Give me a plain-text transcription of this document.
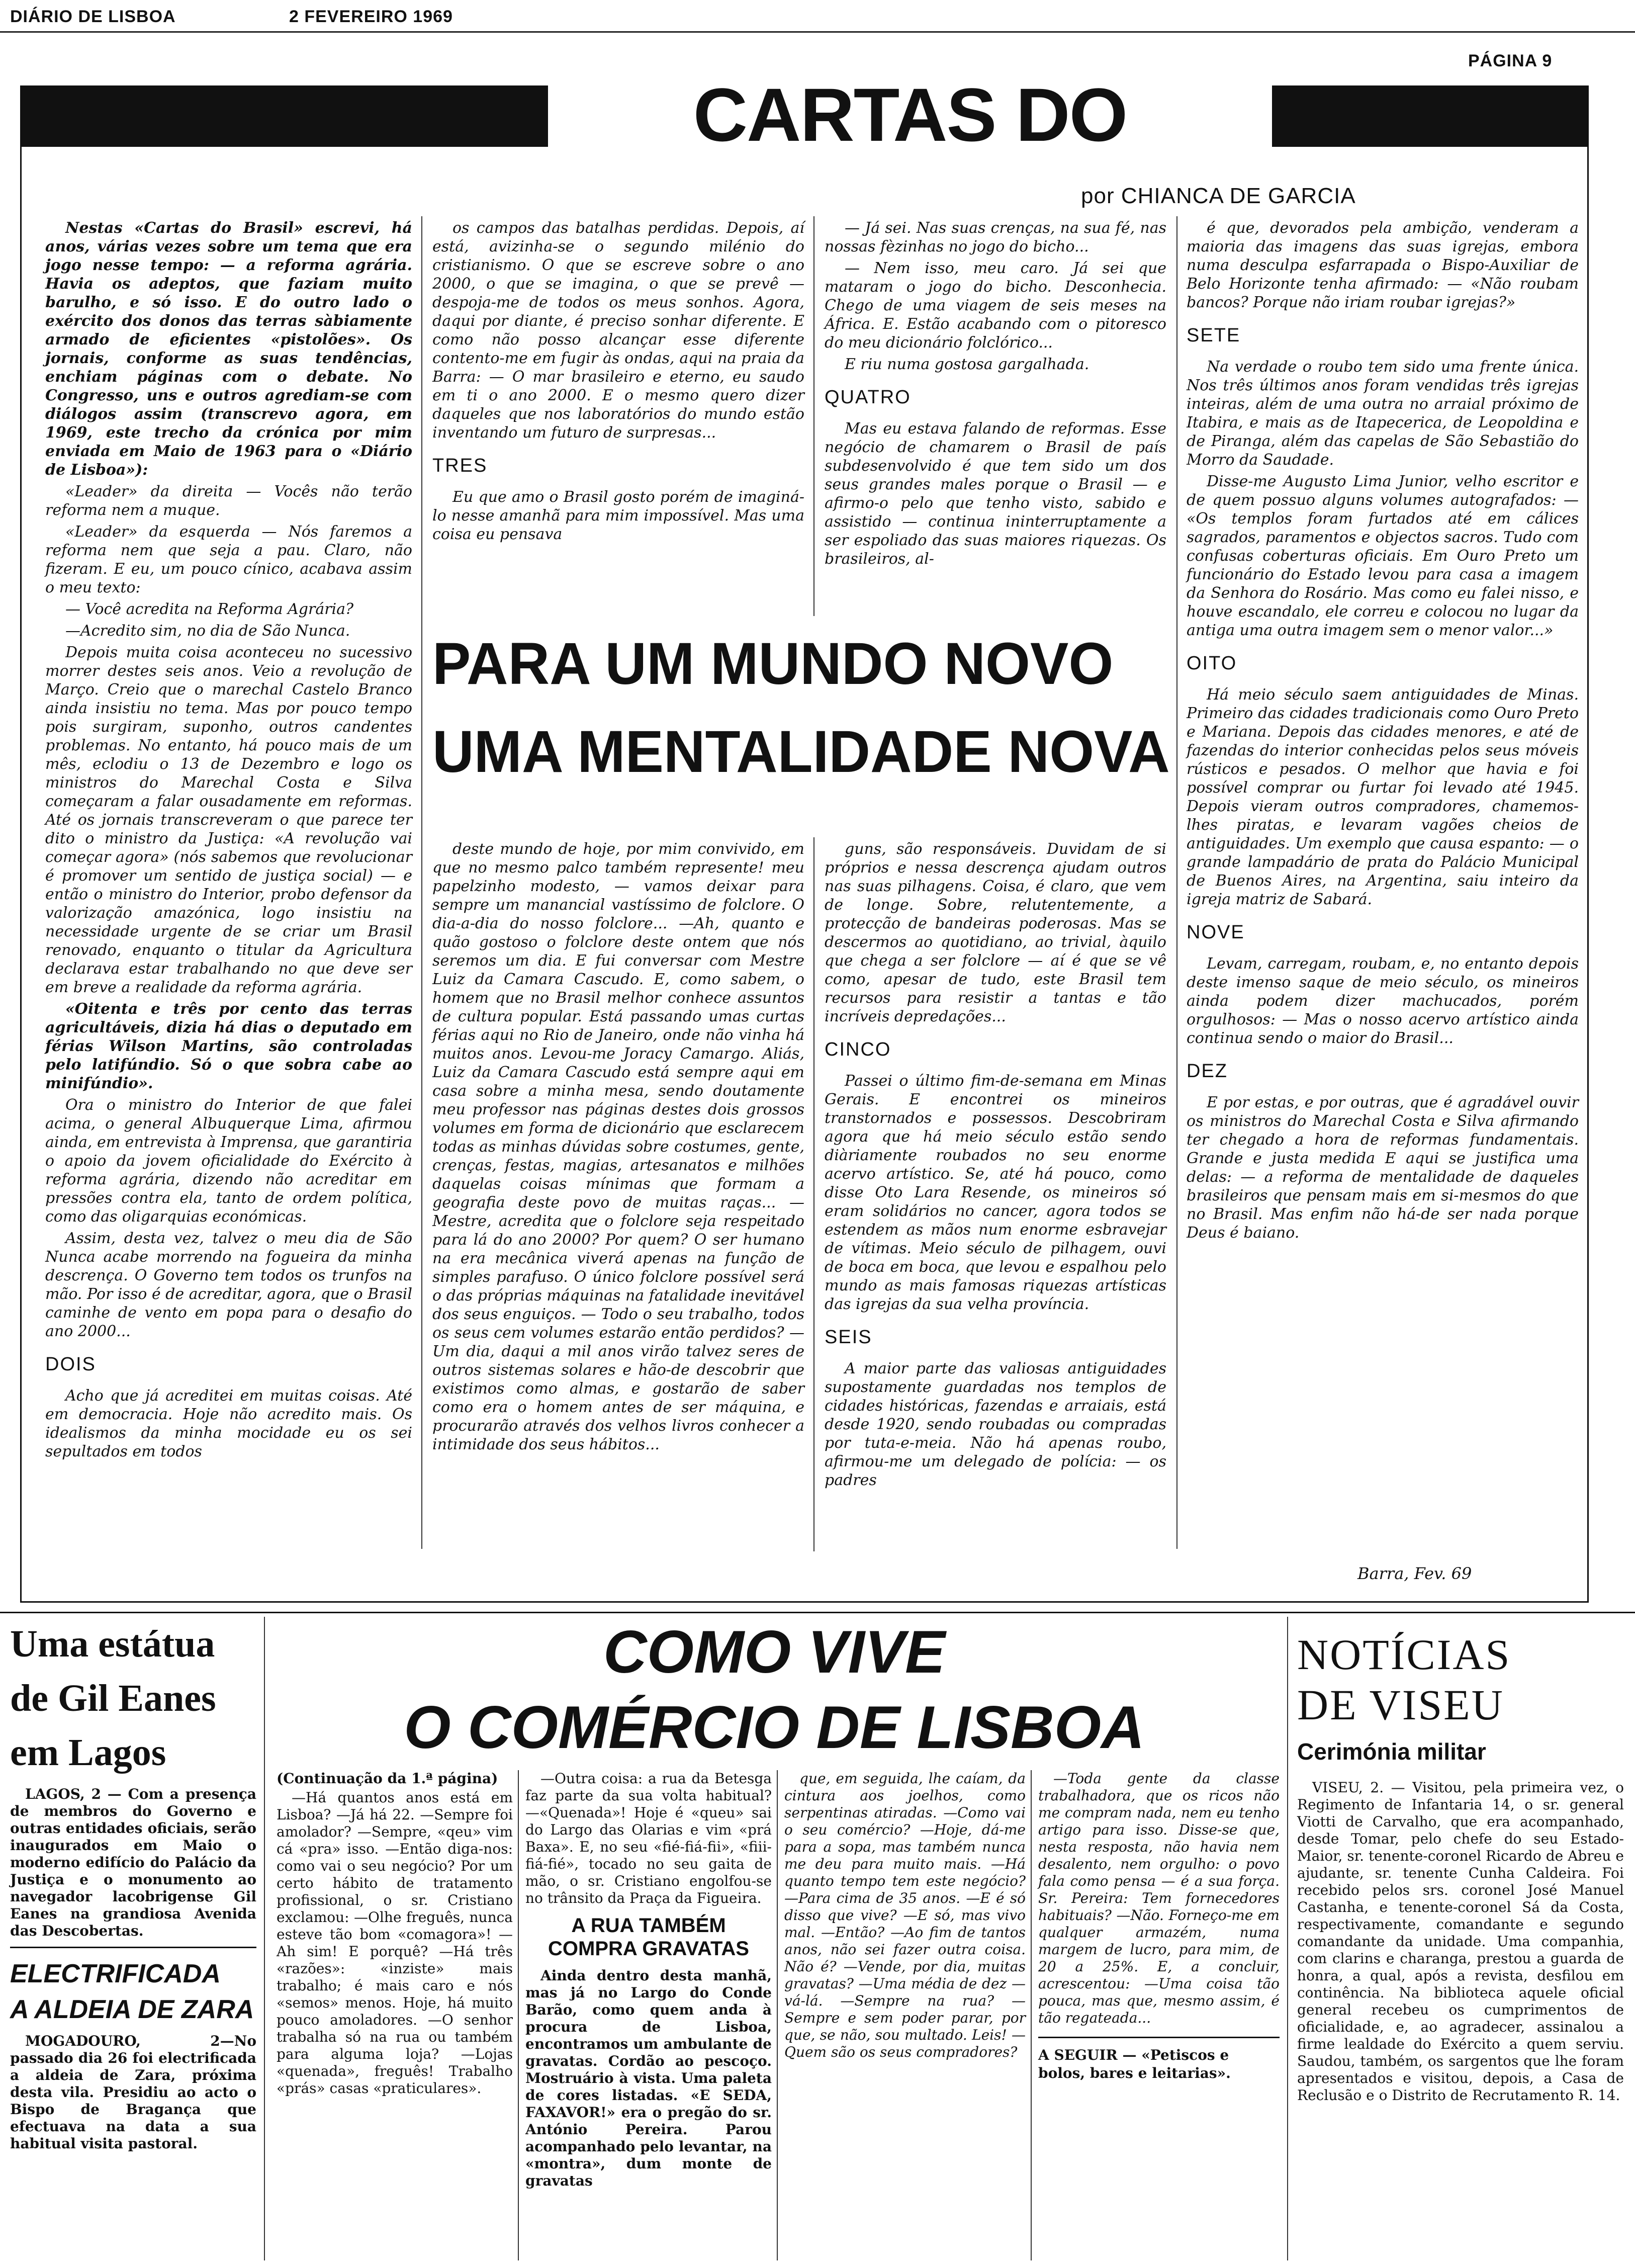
DIÁRIO DE LISBOA	2 FEVEREIRO 1969
PÁGINA 9
CARTAS DO
por CHIANCA DE GARCIA

Nestas «Cartas do Brasil» escrevi, há anos, várias vezes sobre um tema que era jogo nesse tempo: — a reforma agrária. Havia os adeptos, que faziam muito barulho, e só isso. E do outro lado o exército dos donos das terras sàbiamente armado de eficientes «pistolões». Os jornais, conforme as suas tendências, enchiam páginas com o debate. No Congresso, uns e outros agrediam-se com diálogos assim (transcrevo agora, em 1969, este trecho da crónica por mim enviada em Maio de 1963 para o «Diário de Lisboa»):

«Leader» da direita — Vocês não terão reforma nem a muque.

«Leader» da esquerda — Nós faremos a reforma nem que seja a pau. Claro, não fizeram. E eu, um pouco cínico, acabava assim o meu texto:

— Você acredita na Reforma Agrária?

—Acredito sim, no dia de São Nunca.

Depois muita coisa aconteceu no sucessivo morrer destes seis anos. Veio a revolução de Março. Creio que o marechal Castelo Branco ainda insistiu no tema. Mas por pouco tempo pois surgiram, suponho, outros candentes problemas. No entanto, há pouco mais de um mês, eclodiu o 13 de Dezembro e logo os ministros do Marechal Costa e Silva começaram a falar ousadamente em reformas. Até os jornais transcreveram o que parece ter dito o ministro da Justiça: «A revolução vai começar agora» (nós sabemos que revolucionar é promover um sentido de justiça social) — e então o ministro do Interior, probo defensor da valorização amazónica, logo insistiu na necessidade urgente de se criar um Brasil renovado, enquanto o titular da Agricultura declarava estar trabalhando no que deve ser em breve a realidade da reforma agrária.

«Oitenta e três por cento das terras agricultáveis, dizia há dias o deputado em férias Wilson Martins, são controladas pelo latifúndio. Só o que sobra cabe ao minifúndio».

Ora o ministro do Interior de que falei acima, o general Albuquerque Lima, afirmou ainda, em entrevista à Imprensa, que garantiria o apoio da jovem oficialidade do Exército à reforma agrária, dizendo não acreditar em pressões contra ela, tanto de ordem política, como das oligarquias económicas.

Assim, desta vez, talvez o meu dia de São Nunca acabe morrendo na fogueira da minha descrença. O Governo tem todos os trunfos na mão. Por isso é de acreditar, agora, que o Brasil caminhe de vento em popa para o desafio do ano 2000...

DOIS

Acho que já acreditei em muitas coisas. Até em democracia. Hoje não acredito mais. Os idealismos da minha mocidade eu os sei sepultados em todos

os campos das batalhas perdidas. Depois, aí está, avizinha-se o segundo milénio do cristianismo. O que se escreve sobre o ano 2000, o que se imagina, o que se prevê — despoja-me de todos os meus sonhos. Agora, daqui por diante, é preciso sonhar diferente. E como não posso alcançar esse diferente contento-me em fugir às ondas, aqui na praia da Barra: — O mar brasileiro e eterno, eu saudo em ti o ano 2000. E o mesmo quero dizer daqueles que nos laboratórios do mundo estão inventando um futuro de surpresas...

TRES

Eu que amo o Brasil gosto porém de imaginá-lo nesse amanhã para mim impossível. Mas uma coisa eu pensava

— Já sei. Nas suas crenças, na sua fé, nas nossas fèzinhas no jogo do bicho...

— Nem isso, meu caro. Já sei que mataram o jogo do bicho. Desconhecia. Chego de uma viagem de seis meses na África. E. Estão acabando com o pitoresco do meu dicionário folclórico...

E riu numa gostosa gargalhada.

QUATRO

Mas eu estava falando de reformas. Esse negócio de chamarem o Brasil de país subdesenvolvido é que tem sido um dos seus grandes males porque o Brasil — e afirmo-o pelo que tenho visto, sabido e assistido — continua ininterruptamente a ser espoliado das suas maiores riquezas. Os brasileiros, al-

é que, devorados pela ambição, venderam a maioria das imagens das suas igrejas, embora numa desculpa esfarrapada o Bispo-Auxiliar de Belo Horizonte tenha afirmado: — «Não roubam bancos? Porque não iriam roubar igrejas?»

SETE

Na verdade o roubo tem sido uma frente única. Nos três últimos anos foram vendidas três igrejas inteiras, além de uma outra no arraial próximo de Itabira, e mais as de Itapecerica, de Leopoldina e de Piranga, além das capelas de São Sebastião do Morro da Saudade.

Disse-me Augusto Lima Junior, velho escritor e de quem possuo alguns volumes autografados: — «Os templos foram furtados até em cálices sagrados, paramentos e objectos sacros. Tudo com confusas coberturas oficiais. Em Ouro Preto um funcionário do Estado levou para casa a imagem da Senhora do Rosário. Mas como eu falei nisso, e houve escandalo, ele correu e colocou no lugar da antiga uma outra imagem sem o menor valor...»

OITO

Há meio século saem antiguidades de Minas. Primeiro das cidades tradicionais como Ouro Preto e Mariana. Depois das cidades menores, e até de fazendas do interior conhecidas pelos seus móveis rústicos e pesados. O melhor que havia e foi possível comprar ou furtar foi levado até 1945. Depois vieram outros compradores, chamemos-lhes piratas, e levaram vagões cheios de antiguidades. Um exemplo que causa espanto: — o grande lampadário de prata do Palácio Municipal de Buenos Aires, na Argentina, saiu inteiro da igreja matriz de Sabará.

NOVE

Levam, carregam, roubam, e, no entanto depois deste imenso saque de meio século, os mineiros ainda podem dizer machucados, porém orgulhosos: — Mas o nosso acervo artístico ainda continua sendo o maior do Brasil...

DEZ

E por estas, e por outras, que é agradável ouvir os ministros do Marechal Costa e Silva afirmando ter chegado a hora de reformas fundamentais. Grande e justa medida E aqui se justifica uma delas: — a reforma de mentalidade de daqueles brasileiros que pensam mais em si-mesmos do que no Brasil. Mas enfim não há-de ser nada porque Deus é baiano.

Barra, Fev. 69
PARA UM MUNDO NOVO
UMA MENTALIDADE NOVA

deste mundo de hoje, por mim convivido, em que no mesmo palco também represente! meu papelzinho modesto, — vamos deixar para sempre um manancial vastíssimo de folclore. O dia-a-dia do nosso folclore... —Ah, quanto e quão gostoso o folclore deste ontem que nós seremos um dia. E fui conversar com Mestre Luiz da Camara Cascudo. E, como sabem, o homem que no Brasil melhor conhece assuntos de cultura popular. Está passando umas curtas férias aqui no Rio de Janeiro, onde não vinha há muitos anos. Levou-me Joracy Camargo. Aliás, Luiz da Camara Cascudo está sempre aqui em casa sobre a minha mesa, sendo doutamente meu professor nas páginas destes dois grossos volumes em forma de dicionário que esclarecem todas as minhas dúvidas sobre costumes, gente, crenças, festas, magias, artesanatos e milhões daquelas coisas mínimas que formam a geografia deste povo de muitas raças... — Mestre, acredita que o folclore seja respeitado para lá do ano 2000? Por quem? O ser humano na era mecânica viverá apenas na função de simples parafuso. O único folclore possível será o das próprias máquinas na fatalidade inevitável dos seus enguiços. — Todo o seu trabalho, todos os seus cem volumes estarão então perdidos? — Um dia, daqui a mil anos virão talvez seres de outros sistemas solares e hão-de descobrir que existimos como almas, e gostarão de saber como era o homem antes de ser máquina, e procurarão através dos velhos livros conhecer a intimidade dos seus hábitos...

guns, são responsáveis. Duvidam de si próprios e nessa descrença ajudam outros nas suas pilhagens. Coisa, é claro, que vem de longe. Sobre, relutentemente, a protecção de bandeiras poderosas. Mas se descermos ao quotidiano, ao trivial, àquilo que chega a ser folclore — aí é que se vê como, apesar de tudo, este Brasil tem recursos para resistir a tantas e tão incríveis depredações...

CINCO

Passei o último fim-de-semana em Minas Gerais. E encontrei os mineiros transtornados e possessos. Descobriram agora que há meio século estão sendo diàriamente roubados no seu enorme acervo artístico. Se, até há pouco, como disse Oto Lara Resende, os mineiros só eram solidários no cancer, agora todos se estendem as mãos num enorme esbravejar de vítimas. Meio século de pilhagem, ouvi de boca em boca, que levou e espalhou pelo mundo as mais famosas riquezas artísticas das igrejas da sua velha província.

SEIS

A maior parte das valiosas antiguidades supostamente guardadas nos templos de cidades históricas, fazendas e arraiais, está desde 1920, sendo roubadas ou compradas por tuta-e-meia. Não há apenas roubo, afirmou-me um delegado de polícia: — os padres

Uma estátua
de Gil Eanes
em Lagos

LAGOS, 2 — Com a presença de membros do Governo e outras entidades oficiais, serão inaugurados em Maio o moderno edifício do Palácio da Justiça e o monumento ao navegador lacobrigense Gil Eanes na grandiosa Avenida das Descobertas.

ELECTRIFICADA
A ALDEIA DE ZARA

MOGADOURO, 2—No passado dia 26 foi electrificada a aldeia de Zara, próxima desta vila. Presidiu ao acto o Bispo de Bragança que efectuava na data a sua habitual visita pastoral.

COMO VIVE
O COMÉRCIO DE LISBOA

(Continuação da 1.ª página)

—Há quantos anos está em Lisboa? —Já há 22. —Sempre foi amolador? —Sempre, «qeu» vim cá «pra» isso. —Então diga-nos: como vai o seu negócio? Por um certo hábito de tratamento profissional, o sr. Cristiano exclamou: —Olhe freguês, nunca esteve tão bom «comagora»! —Ah sim! E porquê? —Há três «razões»: «inziste» mais trabalho; é mais caro e nós «semos» menos. Hoje, há muito pouco amoladores. —O senhor trabalha só na rua ou também para alguma loja? —Lojas «quenada», freguês! Trabalho «prás» casas «praticulares».

—Outra coisa: a rua da Betesga faz parte da sua volta habitual? —«Quenada»! Hoje é «queu» sai do Largo das Olarias e vim «prá Baxa». E, no seu «fié-fiá-fii», «fiii-fiá-fié», tocado no seu gaita de mão, o sr. Cristiano engolfou-se no trânsito da Praça da Figueira.

A RUA TAMBÉM COMPRA GRAVATAS

Ainda dentro desta manhã, mas já no Largo do Conde Barão, como quem anda à procura de Lisboa, encontramos um ambulante de gravatas. Cordão ao pescoço. Mostruário à vista. Uma paleta de cores listadas. «E SEDA, FAXAVOR!» era o pregão do sr. António Pereira. Parou acompanhado pelo levantar, na «montra», dum monte de gravatas

que, em seguida, lhe caíam, da cintura aos joelhos, como serpentinas atiradas. —Como vai o seu comércio? —Hoje, dá-me para a sopa, mas também nunca me deu para muito mais. —Há quanto tempo tem este negócio? —Para cima de 35 anos. —E é só disso que vive? —E só, mas vivo mal. —Então? —Ao fim de tantos anos, não sei fazer outra coisa. Não é? —Vende, por dia, muitas gravatas? —Uma média de dez — vá-lá. —Sempre na rua? —Sempre e sem poder parar, por que, se não, sou multado. Leis! —Quem são os seus compradores?

—Toda gente da classe trabalhadora, que os ricos não me compram nada, nem eu tenho artigo para isso. Disse-se que, nesta resposta, não havia nem desalento, nem orgulho: o povo fala como pensa — é a sua força. Sr. Pereira: Tem fornecedores habituais? —Não. Forneço-me em qualquer armazém, numa margem de lucro, para mim, de 20 a 25%. E, a concluir, acrescentou: —Uma coisa tão pouca, mas que, mesmo assim, é tão regateada...

A SEGUIR — «Petiscos e bolos, bares e leitarias».
NOTÍCIAS
DE VISEU
Cerimónia militar

VISEU, 2. — Visitou, pela primeira vez, o Regimento de Infantaria 14, o sr. general Viotti de Carvalho, que era acompanhado, desde Tomar, pelo chefe do seu Estado-Maior, sr. tenente-coronel Ricardo de Abreu e ajudante, sr. tenente Cunha Caldeira. Foi recebido pelos srs. coronel José Manuel Castanha, e tenente-coronel Sá da Costa, respectivamente, comandante e segundo comandante da unidade. Uma companhia, com clarins e charanga, prestou a guarda de honra, a qual, após a revista, desfilou em continência. Na biblioteca aquele oficial general recebeu os cumprimentos de oficialidade, e, ao agradecer, assinalou a firme lealdade do Exército a quem serviu. Saudou, também, os sargentos que lhe foram apresentados e visitou, depois, a Casa de Reclusão e o Distrito de Recrutamento R. 14.
